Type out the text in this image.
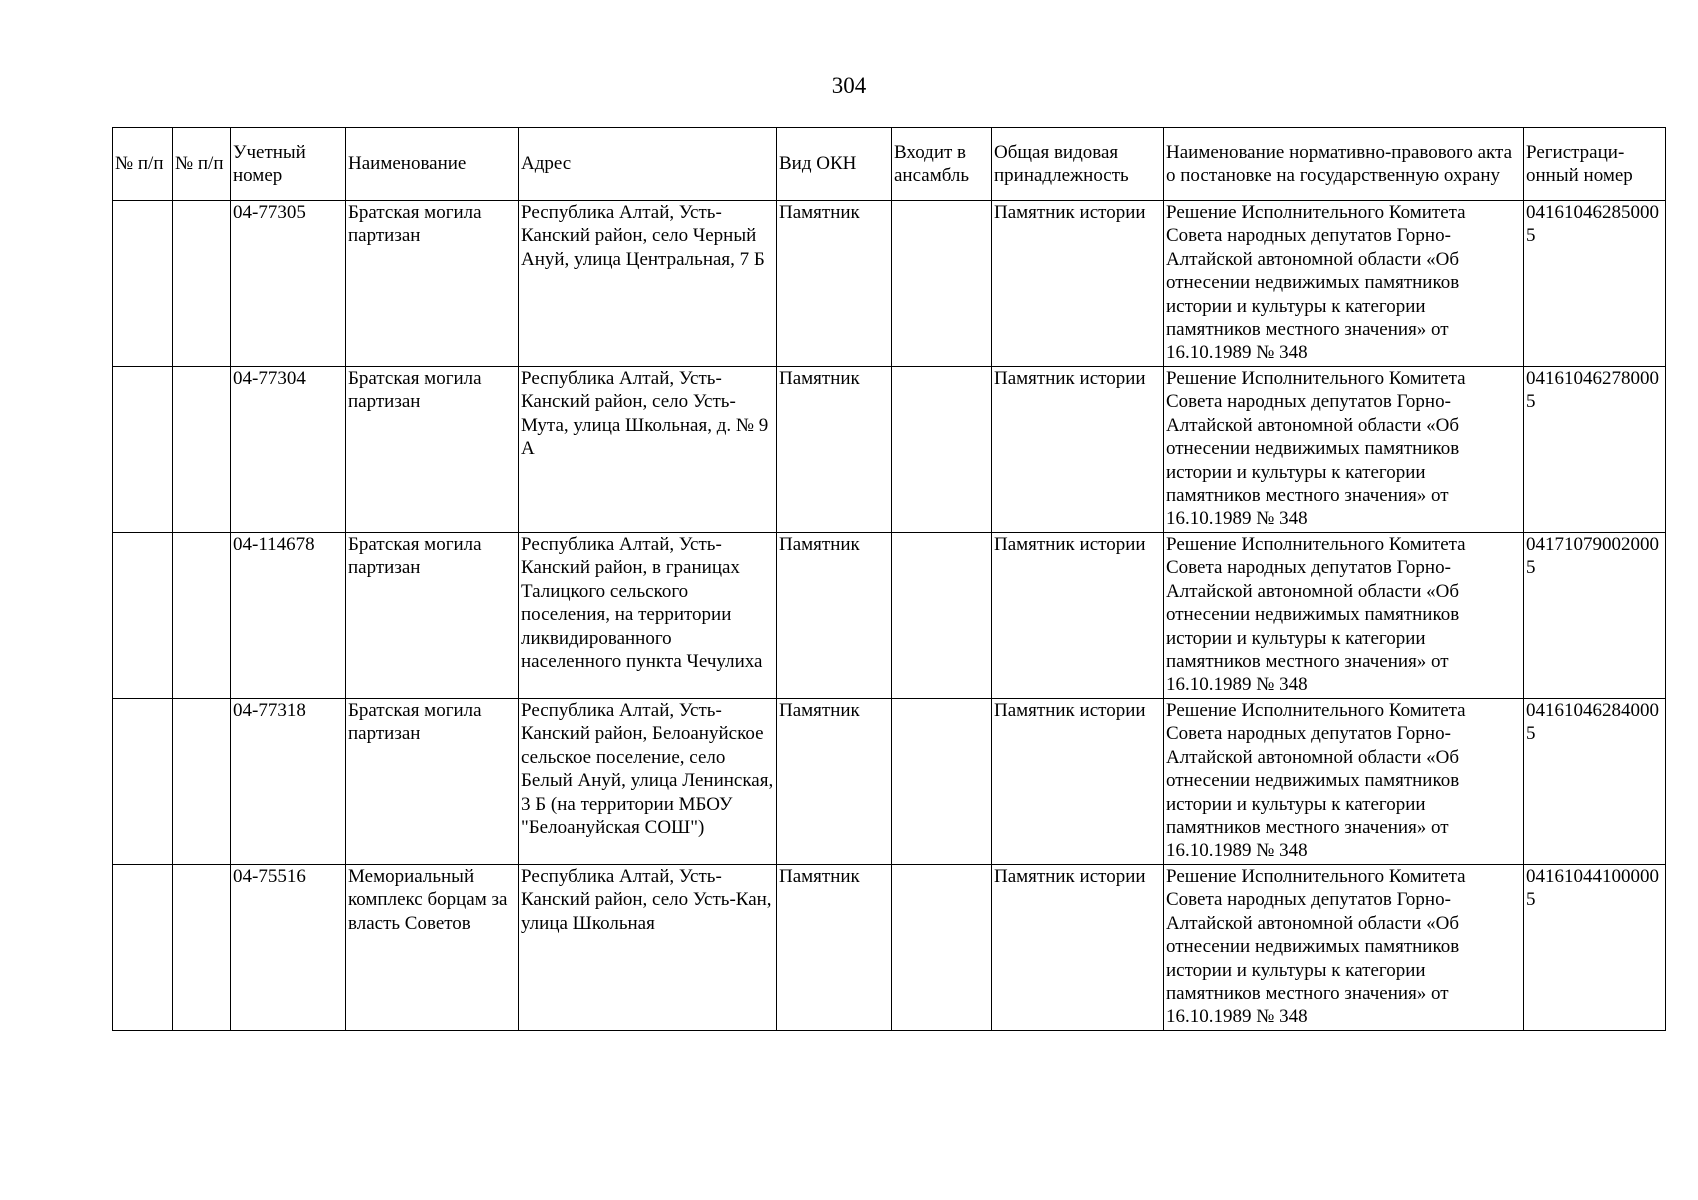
304
№ п/п	№ п/п	Учетный номер	Наименование	Адрес	Вид ОКН	Входит в ансамбль	Общая видовая принадлежность	Наименование нормативно-правового акта о постановке на государственную охрану	Регистраци-онный номер
		04-77305	Братская могила партизан	Республика Алтай, Усть-Канский район, село Черный Ануй, улица Центральная, 7 Б	Памятник		Памятник истории	Решение Исполнительного Комитета Совета народных депутатов Горно-Алтайской автономной области «Об отнесении недвижимых памятников истории и культуры к категории памятников местного значения» от 16.10.1989 № 348	041610462850005
		04-77304	Братская могила партизан	Республика Алтай, Усть-Канский район, село Усть-Мута, улица Школьная, д. № 9 А	Памятник		Памятник истории	Решение Исполнительного Комитета Совета народных депутатов Горно-Алтайской автономной области «Об отнесении недвижимых памятников истории и культуры к категории памятников местного значения» от 16.10.1989 № 348	041610462780005
		04-114678	Братская могила партизан	Республика Алтай, Усть-Канский район, в границах Талицкого сельского поселения, на территории ликвидированного населенного пункта Чечулиха	Памятник		Памятник истории	Решение Исполнительного Комитета Совета народных депутатов Горно-Алтайской автономной области «Об отнесении недвижимых памятников истории и культуры к категории памятников местного значения» от 16.10.1989 № 348	041710790020005
		04-77318	Братская могила партизан	Республика Алтай, Усть-Канский район, Белоануйское сельское поселение, село Белый Ануй, улица Ленинская, 3 Б (на территории МБОУ "Белоануйская СОШ")	Памятник		Памятник истории	Решение Исполнительного Комитета Совета народных депутатов Горно-Алтайской автономной области «Об отнесении недвижимых памятников истории и культуры к категории памятников местного значения» от 16.10.1989 № 348	041610462840005
		04-75516	Мемориальный комплекс борцам за власть Советов	Республика Алтай, Усть-Канский район, село Усть-Кан, улица Школьная	Памятник		Памятник истории	Решение Исполнительного Комитета Совета народных депутатов Горно-Алтайской автономной области «Об отнесении недвижимых памятников истории и культуры к категории памятников местного значения» от 16.10.1989 № 348	041610441000005
